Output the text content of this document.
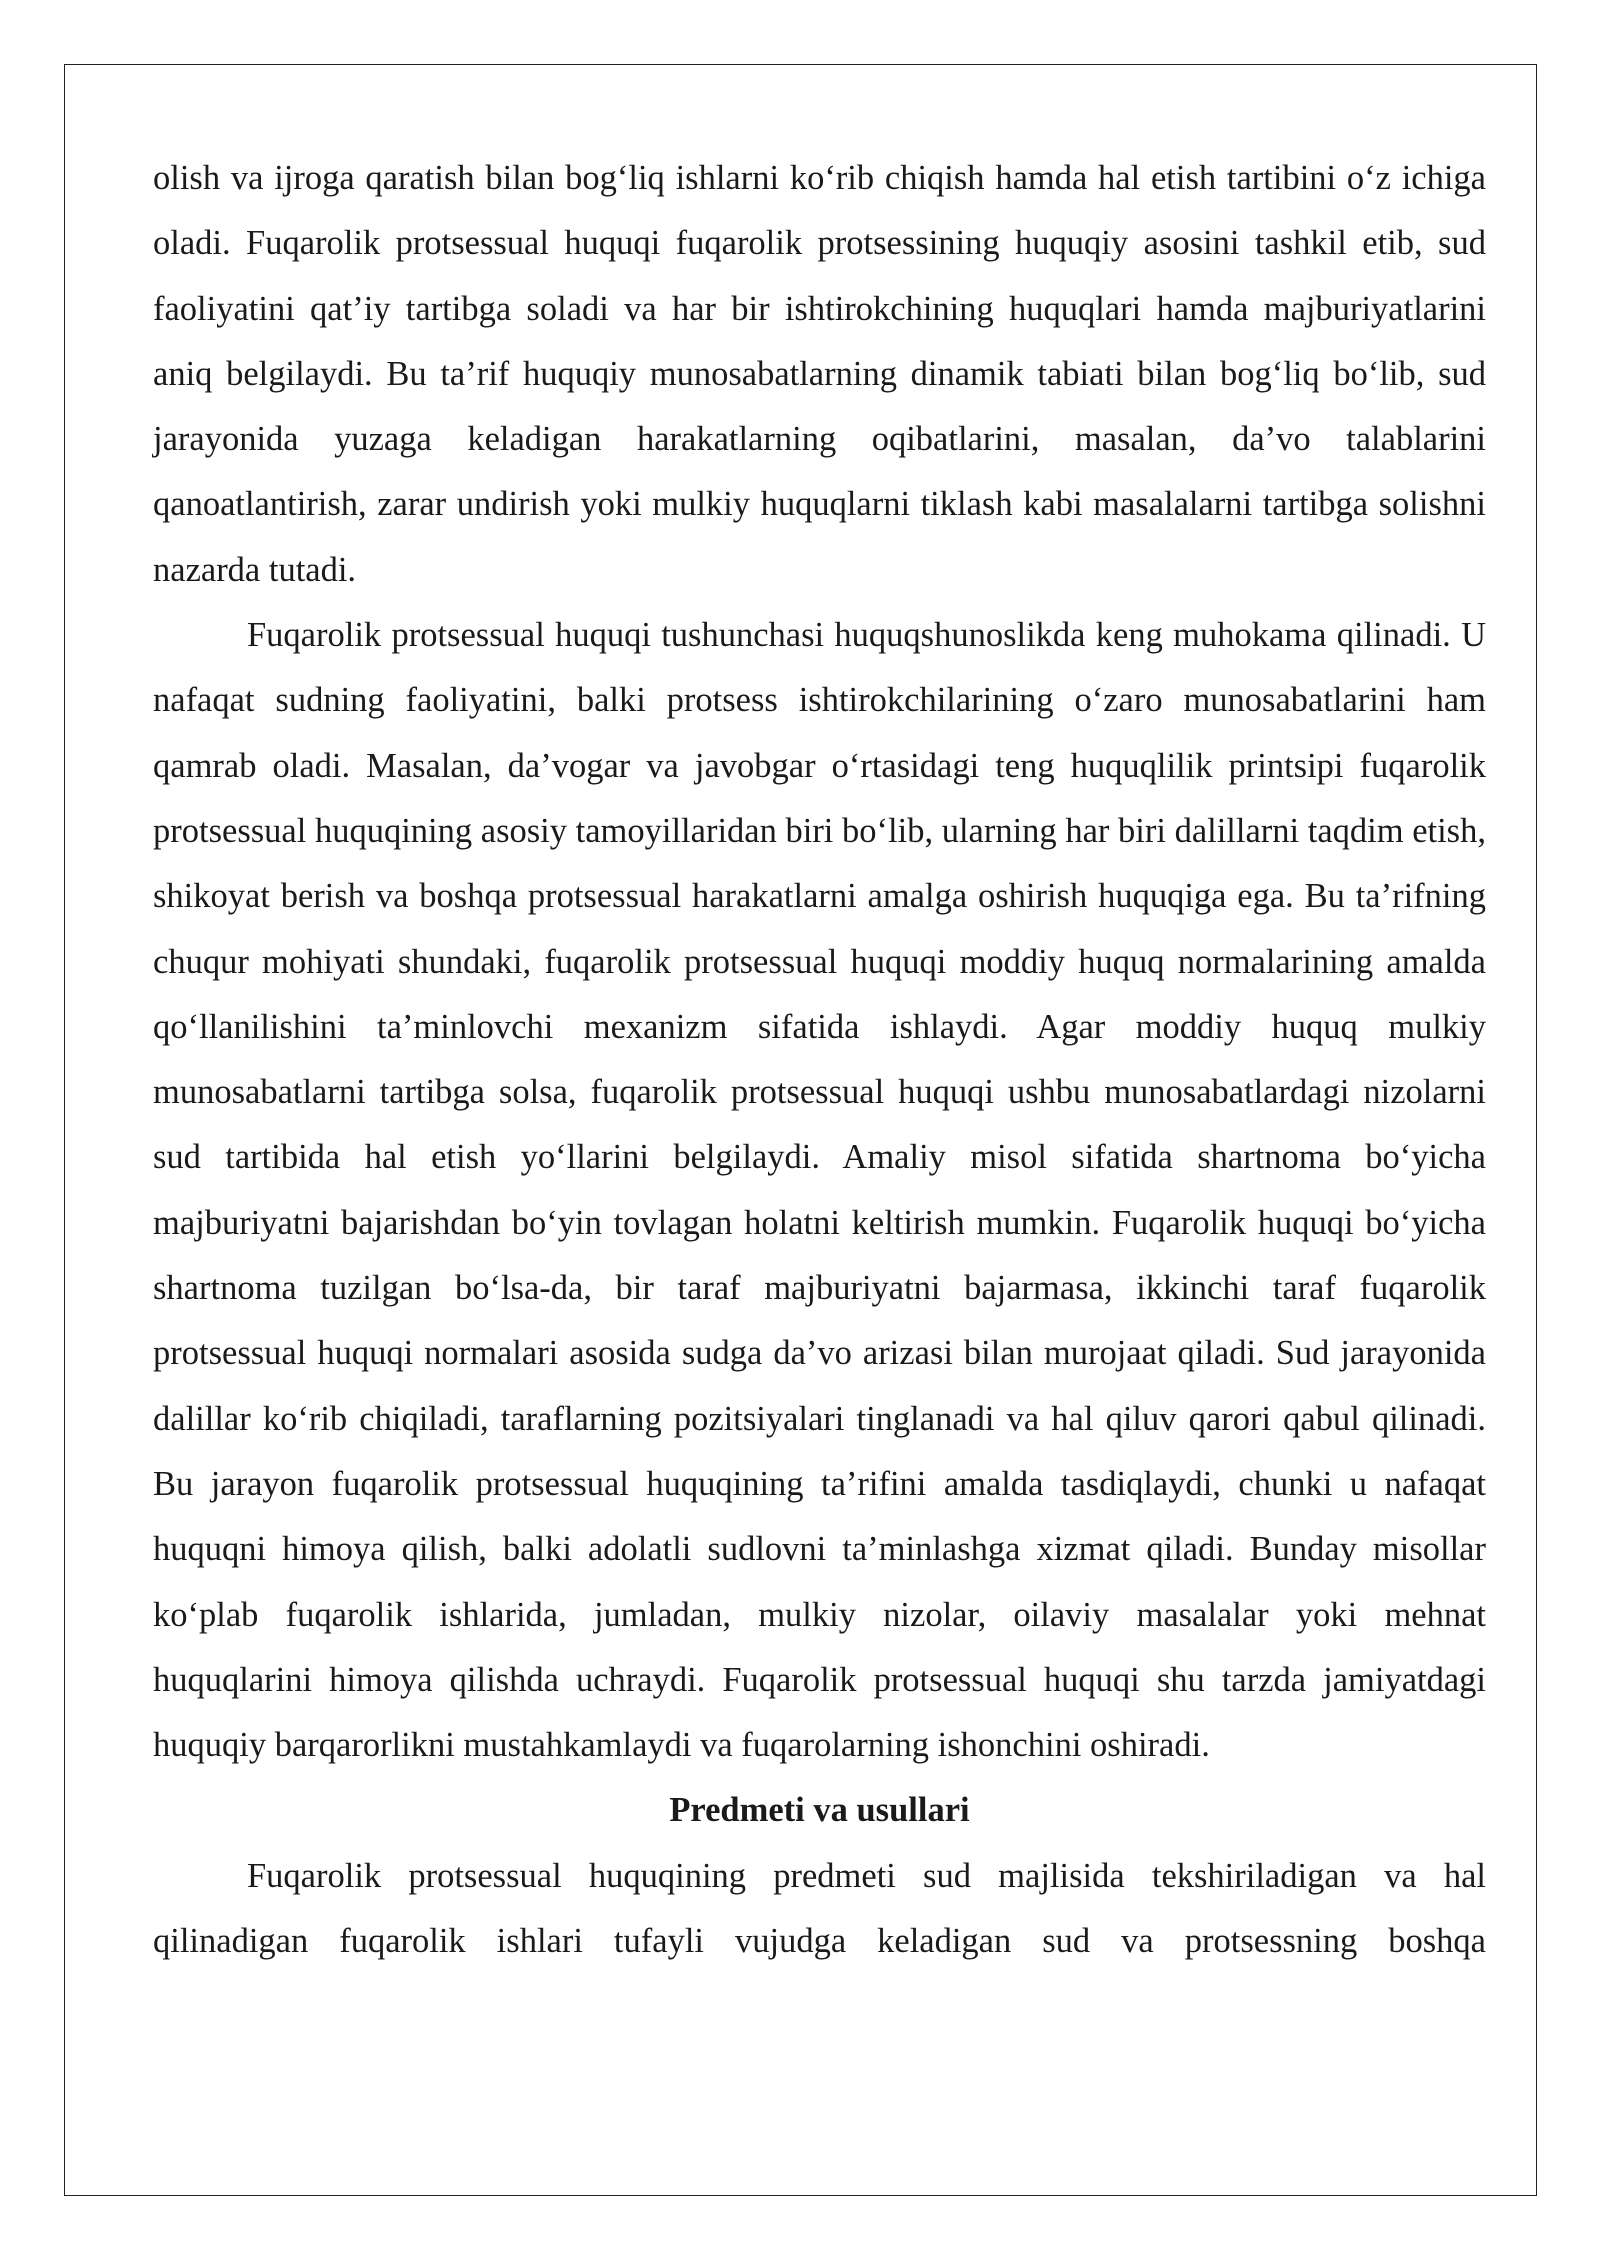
olish va ijroga qaratish bilan bog‘liq ishlarni ko‘rib chiqish hamda hal etish tartibini o‘z ichiga oladi. Fuqarolik protsessual huquqi fuqarolik protsessining huquqiy asosini tashkil etib, sud faoliyatini qat’iy tartibga soladi va har bir ishtirokchining huquqlari hamda majburiyatlarini aniq belgilaydi. Bu ta’rif huquqiy munosabatlarning dinamik tabiati bilan bog‘liq bo‘lib, sud jarayonida yuzaga keladigan harakatlarning oqibatlarini, masalan, da’vo talablarini qanoatlantirish, zarar undirish yoki mulkiy huquqlarni tiklash kabi masalalarni tartibga solishni nazarda tutadi.

Fuqarolik protsessual huquqi tushunchasi huquqshunoslikda keng muhokama qilinadi. U nafaqat sudning faoliyatini, balki protsess ishtirokchilarining o‘zaro munosabatlarini ham qamrab oladi. Masalan, da’vogar va javobgar o‘rtasidagi teng huquqlilik printsipi fuqarolik protsessual huquqining asosiy tamoyillaridan biri bo‘lib, ularning har biri dalillarni taqdim etish, shikoyat berish va boshqa protsessual harakatlarni amalga oshirish huquqiga ega. Bu ta’rifning chuqur mohiyati shundaki, fuqarolik protsessual huquqi moddiy huquq normalarining amalda qo‘llanilishini ta’minlovchi mexanizm sifatida ishlaydi. Agar moddiy huquq mulkiy munosabatlarni tartibga solsa, fuqarolik protsessual huquqi ushbu munosabatlardagi nizolarni sud tartibida hal etish yo‘llarini belgilaydi. Amaliy misol sifatida shartnoma bo‘yicha majburiyatni bajarishdan bo‘yin tovlagan holatni keltirish mumkin. Fuqarolik huquqi bo‘yicha shartnoma tuzilgan bo‘lsa-da, bir taraf majburiyatni bajarmasa, ikkinchi taraf fuqarolik protsessual huquqi normalari asosida sudga da’vo arizasi bilan murojaat qiladi. Sud jarayonida dalillar ko‘rib chiqiladi, taraflarning pozitsiyalari tinglanadi va hal qiluv qarori qabul qilinadi. Bu jarayon fuqarolik protsessual huquqining ta’rifini amalda tasdiqlaydi, chunki u nafaqat huquqni himoya qilish, balki adolatli sudlovni ta’minlashga xizmat qiladi. Bunday misollar ko‘plab fuqarolik ishlarida, jumladan, mulkiy nizolar, oilaviy masalalar yoki mehnat huquqlarini himoya qilishda uchraydi. Fuqarolik protsessual huquqi shu tarzda jamiyatdagi huquqiy barqarorlikni mustahkamlaydi va fuqarolarning ishonchini oshiradi.

Predmeti va usullari

Fuqarolik protsessual huquqining predmeti sud majlisida tekshiriladigan va hal qilinadigan fuqarolik ishlari tufayli vujudga keladigan sud va protsessning boshqa
